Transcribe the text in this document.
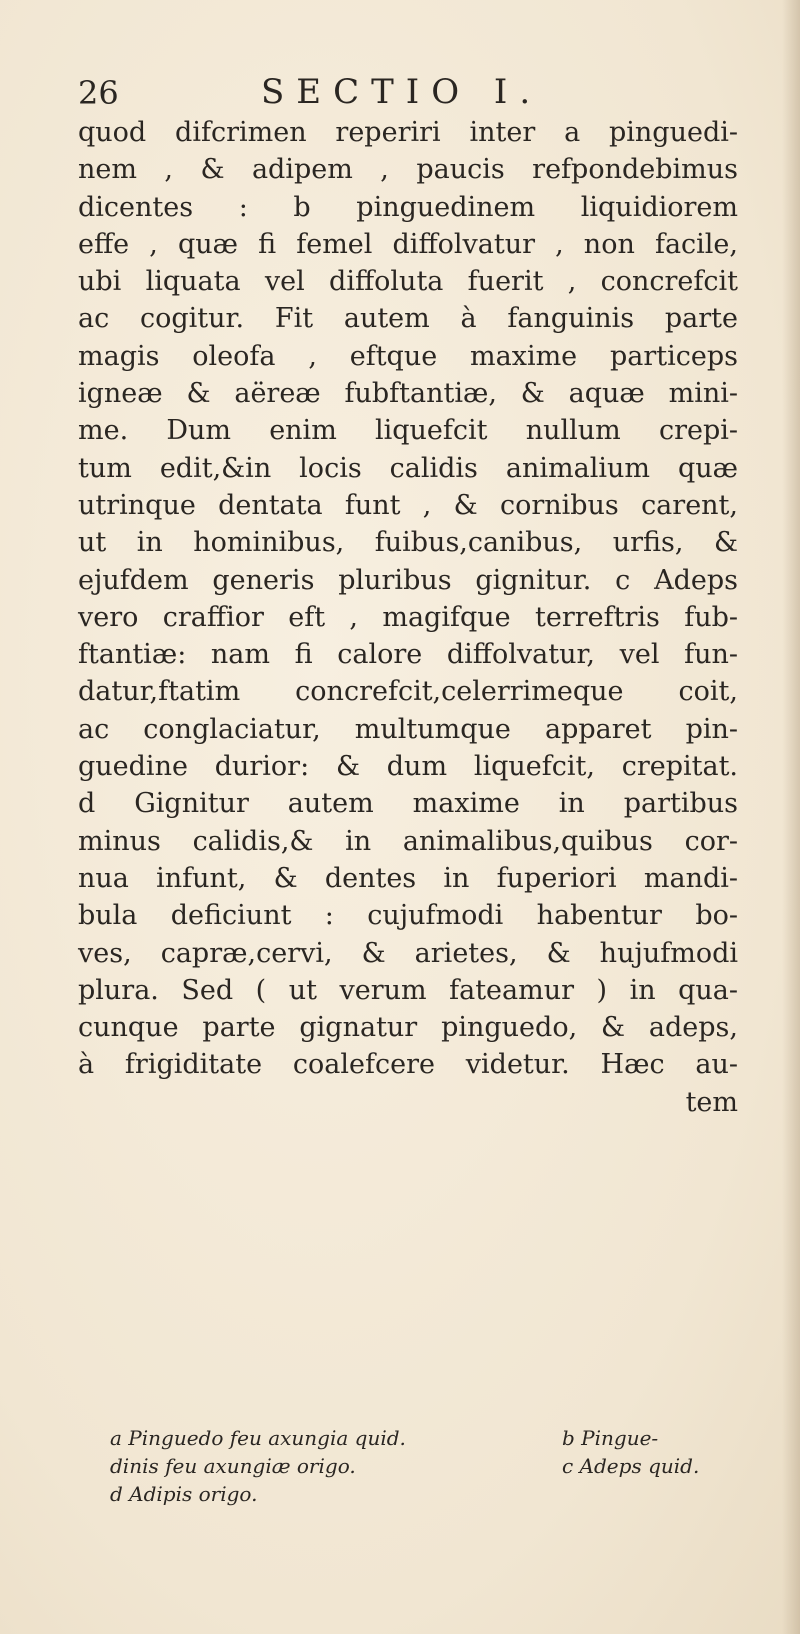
26	SECTIO I.
quod difcrimen reperiri inter a pinguedi-
nem , & adipem , paucis refpondebimus
dicentes : b pinguedinem liquidiorem
effe , quæ fi femel diffolvatur , non facile,
ubi liquata vel diffoluta fuerit , concrefcit
ac cogitur. Fit autem à fanguinis parte
magis oleofa , eftque maxime particeps
igneæ & aëreæ fubftantiæ, & aquæ mini-
me. Dum enim liquefcit nullum crepi-
tum edit,&in locis calidis animalium quæ
utrinque dentata funt , & cornibus carent,
ut in hominibus, fuibus,canibus, urfis, &
ejufdem generis pluribus gignitur. c Adeps
vero craffior eft , magifque terreftris fub-
ftantiæ: nam fi calore diffolvatur, vel fun-
datur,ftatim concrefcit,celerrimeque coit,
ac conglaciatur, multumque apparet pin-
guedine durior: & dum liquefcit, crepitat.
d Gignitur autem maxime in partibus
minus calidis,& in animalibus,quibus cor-
nua infunt, & dentes in fuperiori mandi-
bula deficiunt : cujufmodi habentur bo-
ves, capræ,cervi, & arietes, & hujufmodi
plura. Sed ( ut verum fateamur ) in qua-
cunque parte gignatur pinguedo, & adeps,
à frigiditate coalefcere videtur. Hæc au-
tem
a Pinguedo feu axungia quid.	b Pingue-
dinis feu axungiæ origo.	c Adeps quid.
d Adipis origo.
